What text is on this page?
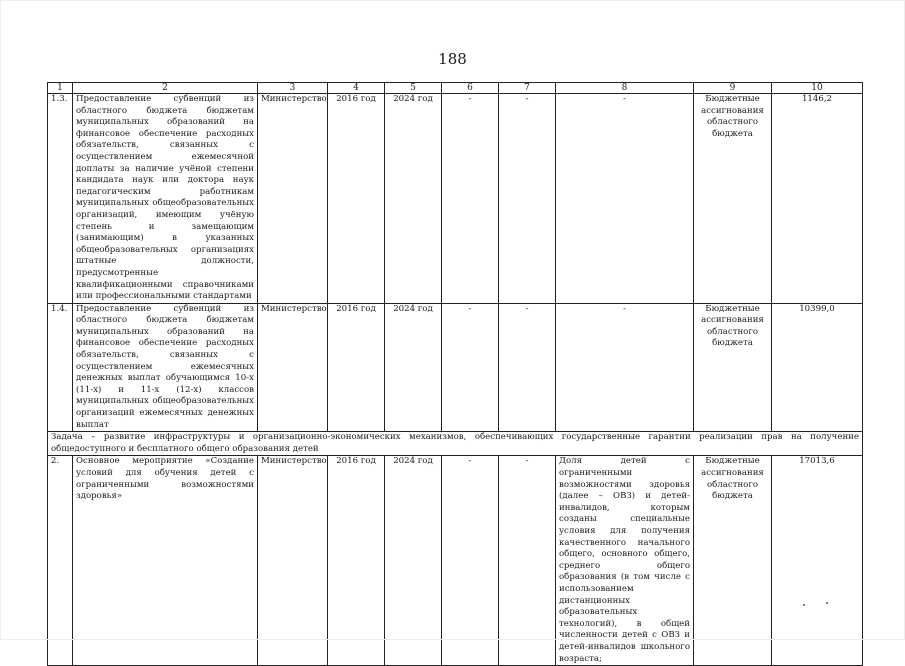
188
1	2	3	4	5	6	7	8	9	10
1.3.	Предоставление субвенций из областного бюджета бюджетам муниципальных образований на финансовое обеспечение расходных обязательств, связанных с осуществлением ежемесячной доплаты за наличие учёной степени кандидата наук или доктора наук педагогическим работникам муниципальных общеобразовательных организаций, имеющим учёную степень и замещающим (занимающим) в указанных общеобразовательных организациях штатные должности, предусмотренные квалификационными справочниками или профессиональными стандартами	Министерство	2016 год	2024 год	-	-	-	Бюджетные ассигнования областного бюджета	1146,2
1.4.	Предоставление субвенций из областного бюджета бюджетам муниципальных образований на финансовое обеспечение расходных обязательств, связанных с осуществлением ежемесячных денежных выплат обучающимся 10-х (11-х) и 11-х (12-х) классов муниципальных общеобразовательных организаций ежемесячных денежных выплат	Министерство	2016 год	2024 год	-	-	-	Бюджетные ассигнования областного бюджета	10399,0
Задача – развитие инфраструктуры и организационно-экономических механизмов, обеспечивающих государственные гарантии реализации прав на получение общедоступного и бесплатного общего образования детей									
2.	Основное мероприятие «Создание условий для обучения детей с ограниченными возможностями здоровья»	Министерство	2016 год	2024 год	-	-	Доля детей с ограниченными возможностями здоровья (далее – ОВЗ) и детей-инвалидов, которым созданы специальные условия для получения качественного начального общего, основного общего, среднего общего образования (в том числе с использованием дистанционных образовательных технологий), в общей численности детей с ОВЗ и детей-инвалидов школьного возраста;	Бюджетные ассигнования областного бюджета	17013,6
